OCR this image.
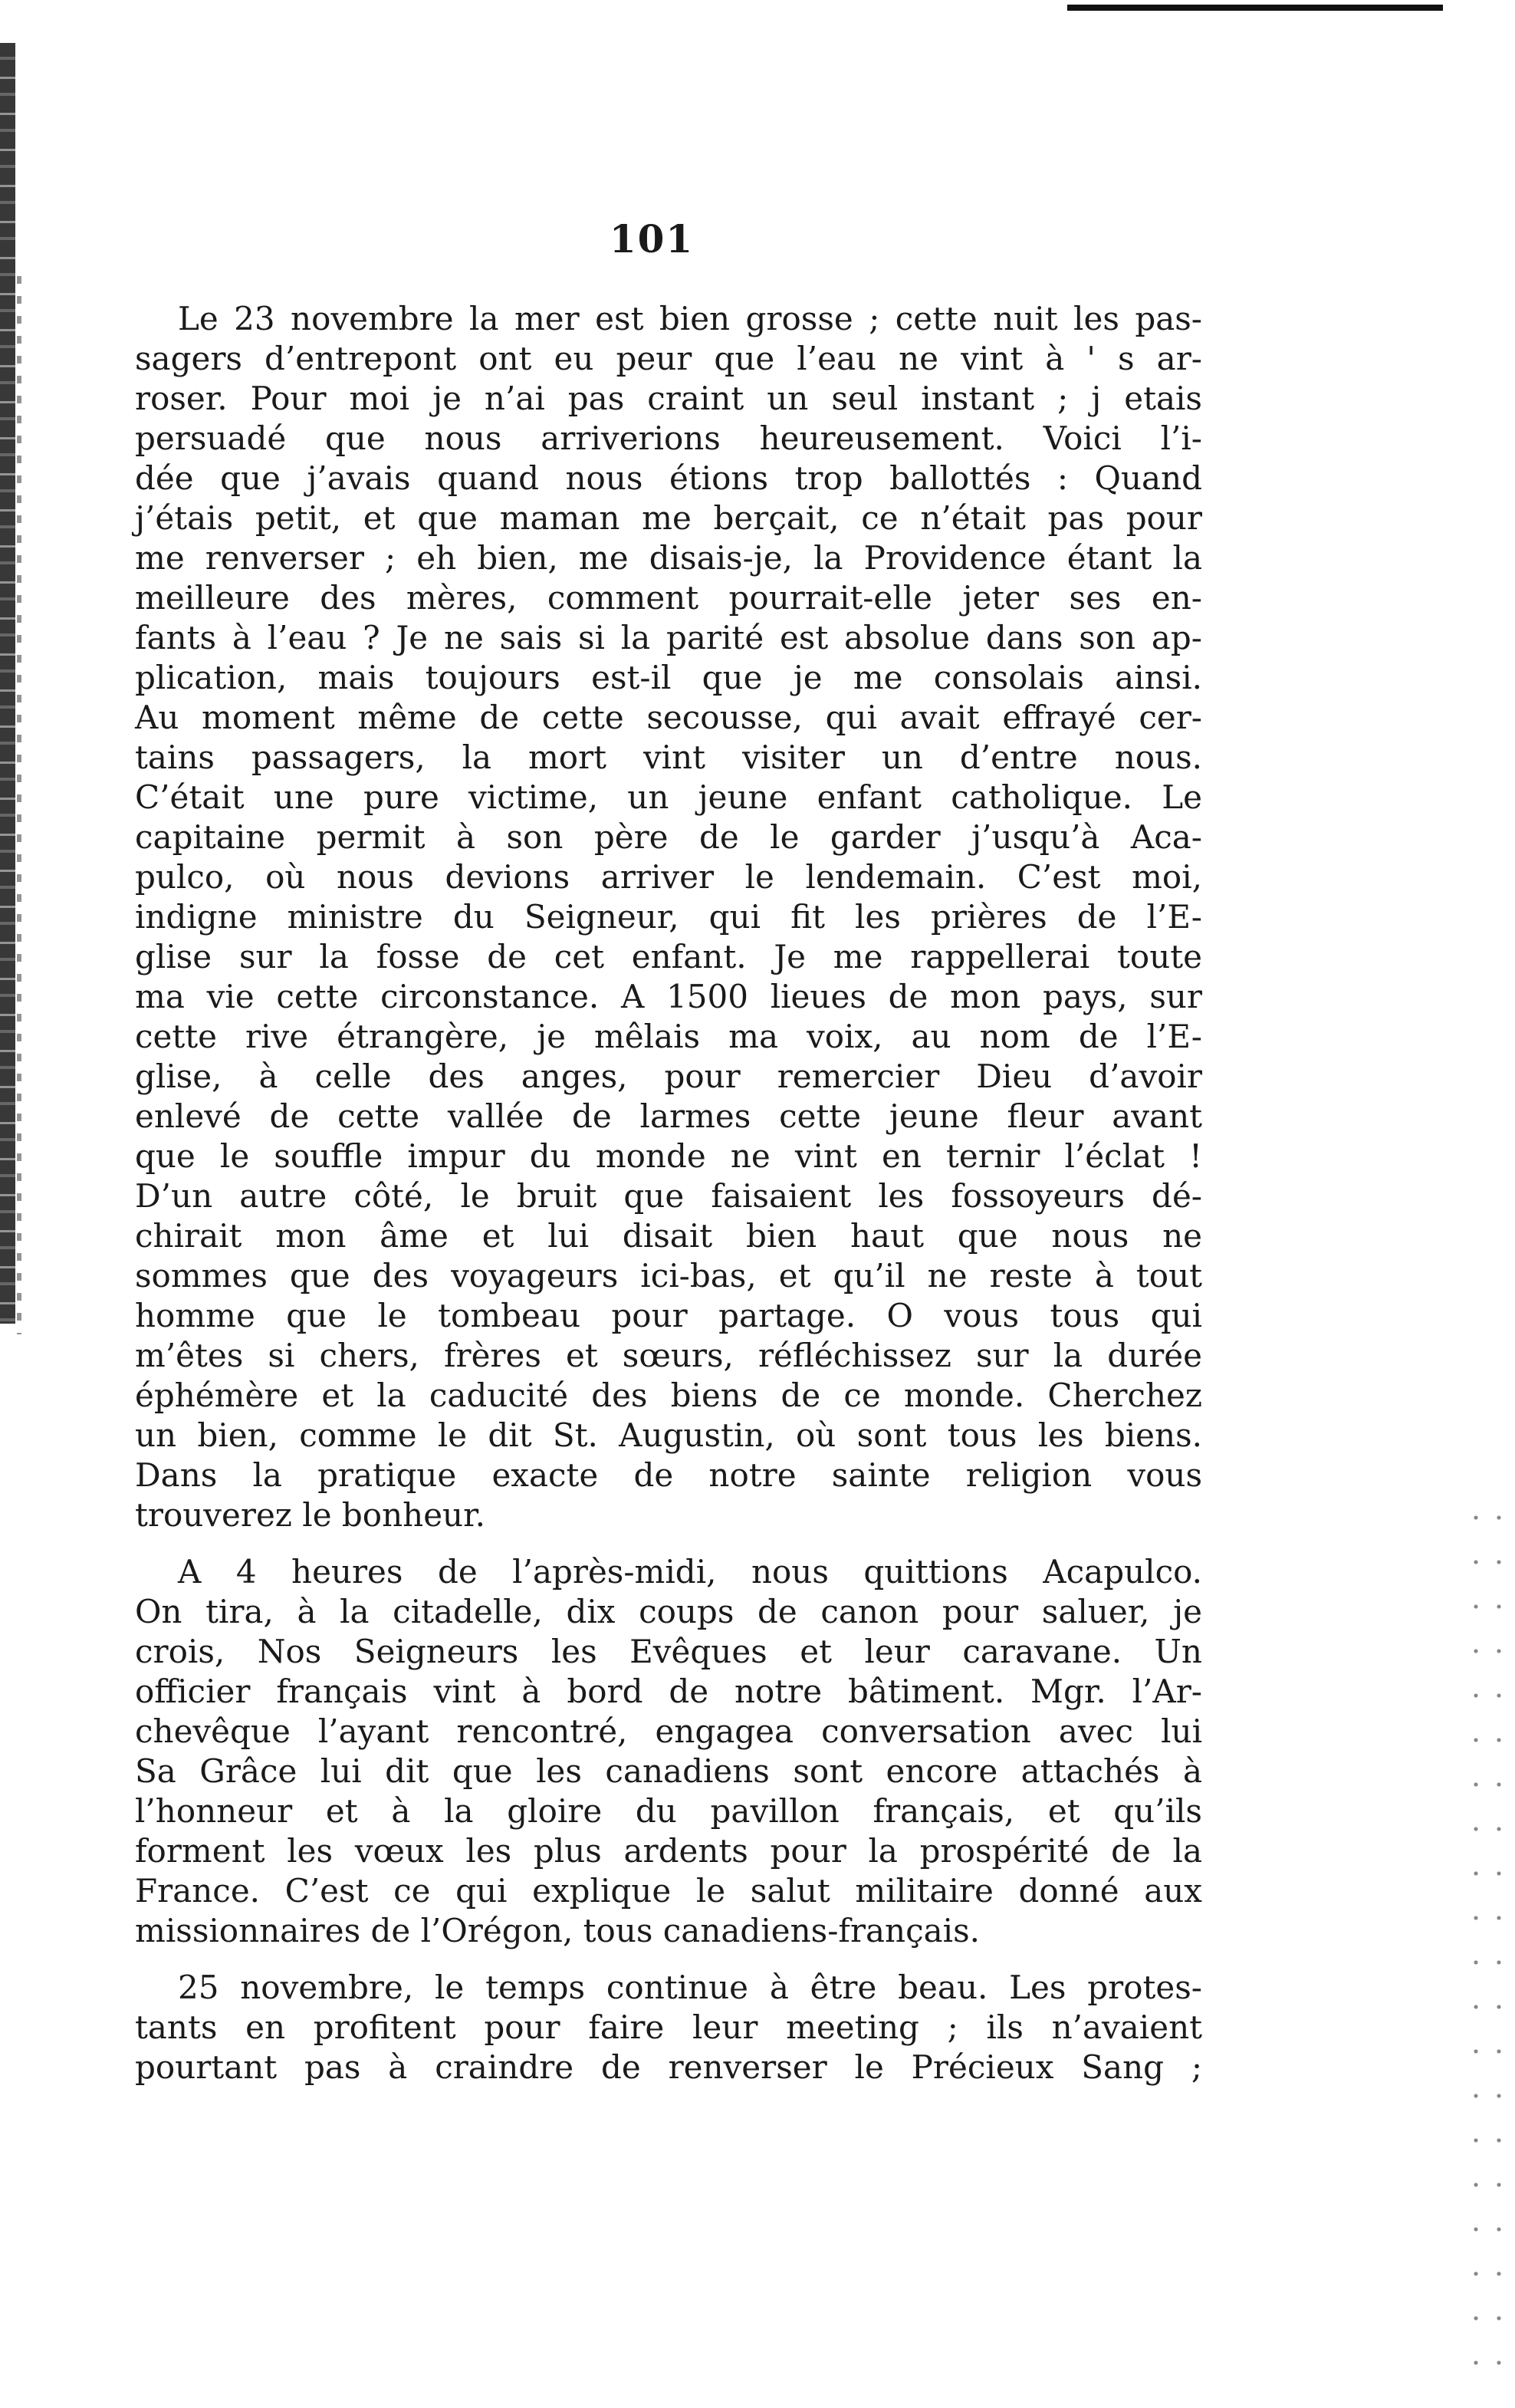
101
Le 23 novembre la mer est bien grosse ; cette nuit les pas-
sagers d’entrepont ont eu peur que l’eau ne vint à ' s ar-
roser. Pour moi je n’ai pas craint un seul instant ; j etais
persuadé que nous arriverions heureusement. Voici l’i-
dée que j’avais quand nous étions trop ballottés : Quand
j’étais petit, et que maman me berçait, ce n’était pas pour
me renverser ; eh bien, me disais-je, la Providence étant la
meilleure des mères, comment pourrait-elle jeter ses en-
fants à l’eau ? Je ne sais si la parité est absolue dans son ap-
plication, mais toujours est-il que je me consolais ainsi.
Au moment même de cette secousse, qui avait effrayé cer-
tains passagers, la mort vint visiter un d’entre nous.
C’était une pure victime, un jeune enfant catholique. Le
capitaine permit à son père de le garder j’usqu’à Aca-
pulco, où nous devions arriver le lendemain. C’est moi,
indigne ministre du Seigneur, qui fit les prières de l’E-
glise sur la fosse de cet enfant. Je me rappellerai toute
ma vie cette circonstance. A 1500 lieues de mon pays, sur
cette rive étrangère, je mêlais ma voix, au nom de l’E-
glise, à celle des anges, pour remercier Dieu d’avoir
enlevé de cette vallée de larmes cette jeune fleur avant
que le souffle impur du monde ne vint en ternir l’éclat !
D’un autre côté, le bruit que faisaient les fossoyeurs dé-
chirait mon âme et lui disait bien haut que nous ne
sommes que des voyageurs ici-bas, et qu’il ne reste à tout
homme que le tombeau pour partage. O vous tous qui
m’êtes si chers, frères et sœurs, réfléchissez sur la durée
éphémère et la caducité des biens de ce monde. Cherchez
un bien, comme le dit St. Augustin, où sont tous les biens.
Dans la pratique exacte de notre sainte religion vous
trouverez le bonheur.
A 4 heures de l’après-midi, nous quittions Acapulco.
On tira, à la citadelle, dix coups de canon pour saluer, je
crois, Nos Seigneurs les Evêques et leur caravane. Un
officier français vint à bord de notre bâtiment. Mgr. l’Ar-
chevêque l’ayant rencontré, engagea conversation avec lui
Sa Grâce lui dit que les canadiens sont encore attachés à
l’honneur et à la gloire du pavillon français, et qu’ils
forment les vœux les plus ardents pour la prospérité de la
France. C’est ce qui explique le salut militaire donné aux
missionnaires de l’Orégon, tous canadiens-français.
25 novembre, le temps continue à être beau. Les protes-
tants en profitent pour faire leur meeting ; ils n’avaient
pourtant pas à craindre de renverser le Précieux Sang ;
